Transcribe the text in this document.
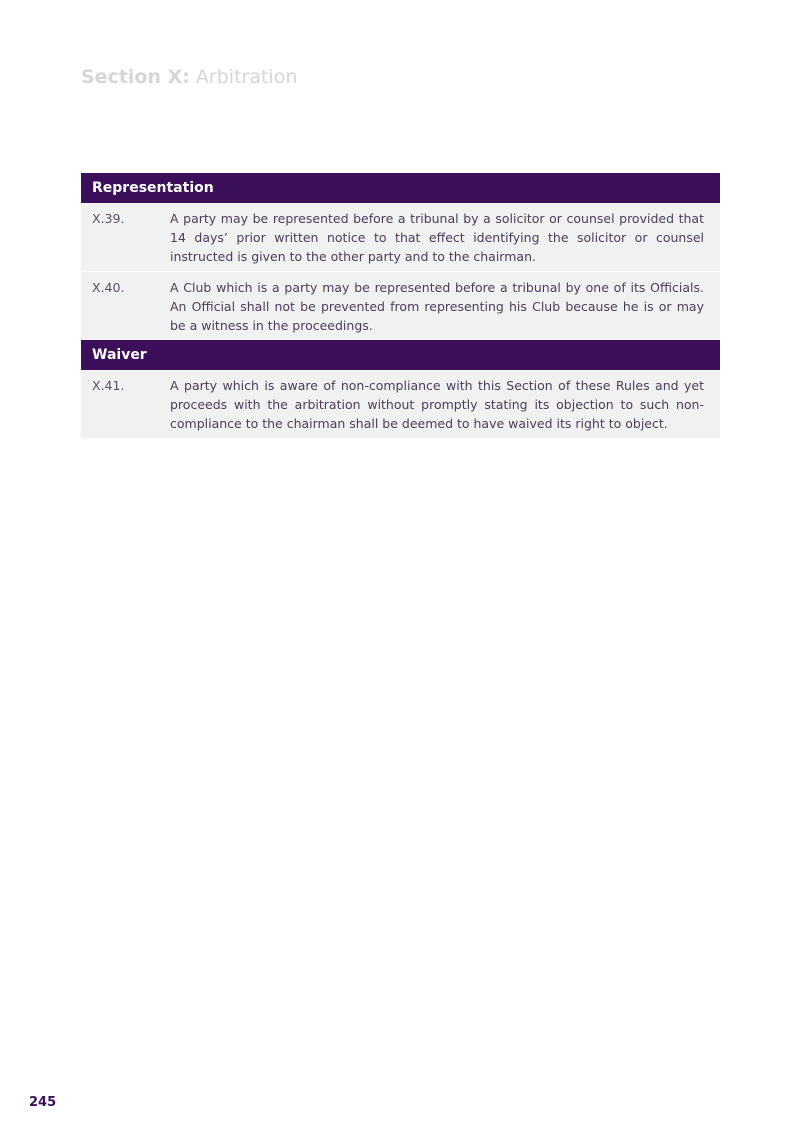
Section X: Arbitration
Representation
X.39.	A party may be represented before a tribunal by a solicitor or counsel provided that 14 days’ prior written notice to that effect identifying the solicitor or counsel instructed is given to the other party and to the chairman.
X.40.	A Club which is a party may be represented before a tribunal by one of its Officials. An Official shall not be prevented from representing his Club because he is or may be a witness in the proceedings.
Waiver
X.41.	A party which is aware of non-compliance with this Section of these Rules and yet proceeds with the arbitration without promptly stating its objection to such non-compliance to the chairman shall be deemed to have waived its right to object.
245
